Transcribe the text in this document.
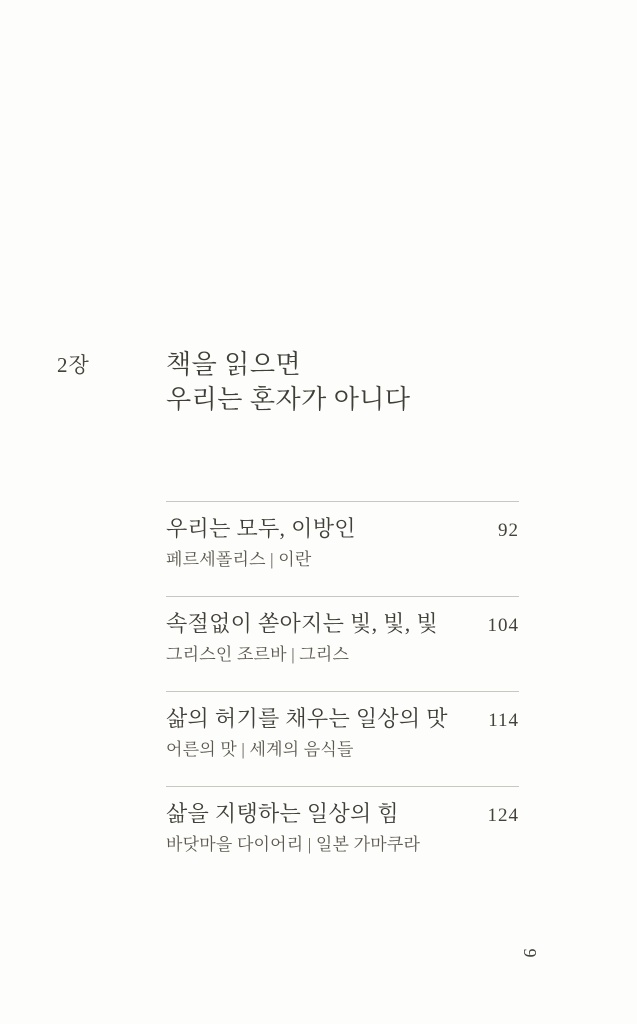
2장	책을 읽으면
우리는 혼자가 아니다
우리는 모두, 이방인	92
페르세폴리스 | 이란
속절없이 쏟아지는 빛, 빛, 빛	104
그리스인 조르바 | 그리스
삶의 허기를 채우는 일상의 맛 114
어른의 맛 | 세계의 음식들
삶을 지탱하는 일상의 힘	124
바닷마을 다이어리 | 일본 가마쿠라
9
